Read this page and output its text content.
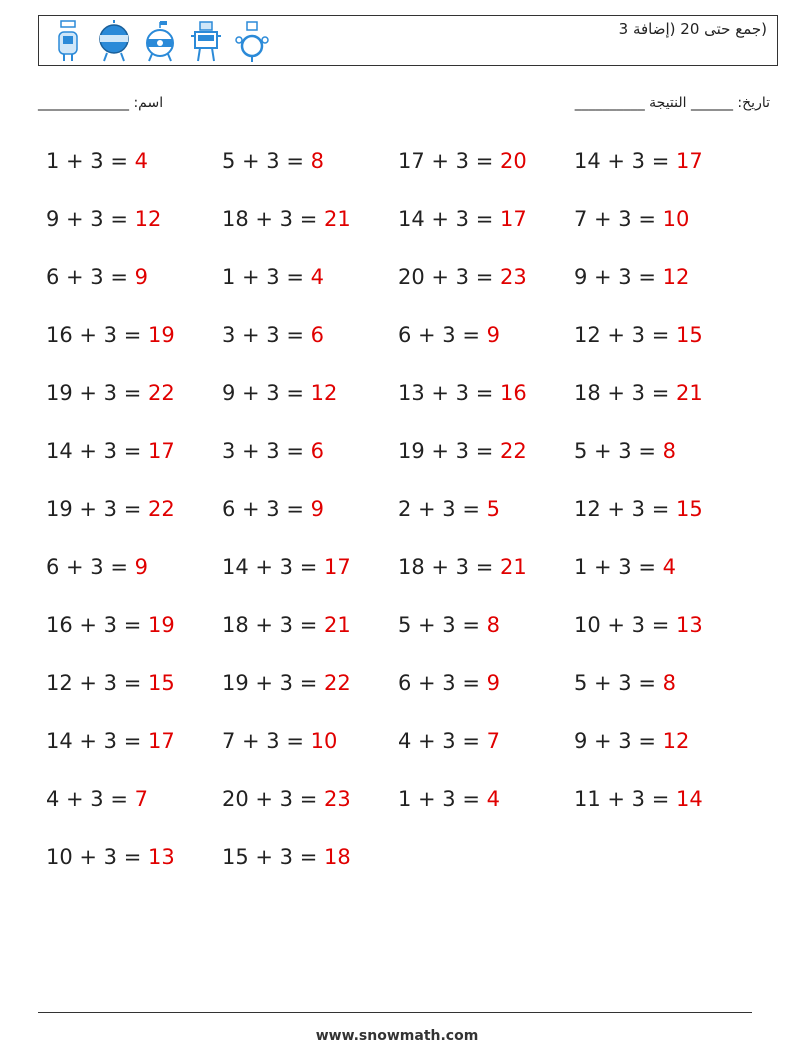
(جمع حتى 20 (إضافة 3
اسم: _____________	تاريخ: ______ النتيجة __________
1 + 3 = 4	5 + 3 = 8	17 + 3 = 20	14 + 3 = 17
9 + 3 = 12	18 + 3 = 21	14 + 3 = 17	7 + 3 = 10
6 + 3 = 9	1 + 3 = 4	20 + 3 = 23	9 + 3 = 12
16 + 3 = 19	3 + 3 = 6	6 + 3 = 9	12 + 3 = 15
19 + 3 = 22	9 + 3 = 12	13 + 3 = 16	18 + 3 = 21
14 + 3 = 17	3 + 3 = 6	19 + 3 = 22	5 + 3 = 8
19 + 3 = 22	6 + 3 = 9	2 + 3 = 5	12 + 3 = 15
6 + 3 = 9	14 + 3 = 17	18 + 3 = 21	1 + 3 = 4
16 + 3 = 19	18 + 3 = 21	5 + 3 = 8	10 + 3 = 13
12 + 3 = 15	19 + 3 = 22	6 + 3 = 9	5 + 3 = 8
14 + 3 = 17	7 + 3 = 10	4 + 3 = 7	9 + 3 = 12
4 + 3 = 7	20 + 3 = 23	1 + 3 = 4	11 + 3 = 14
10 + 3 = 13	15 + 3 = 18
www.snowmath.com
